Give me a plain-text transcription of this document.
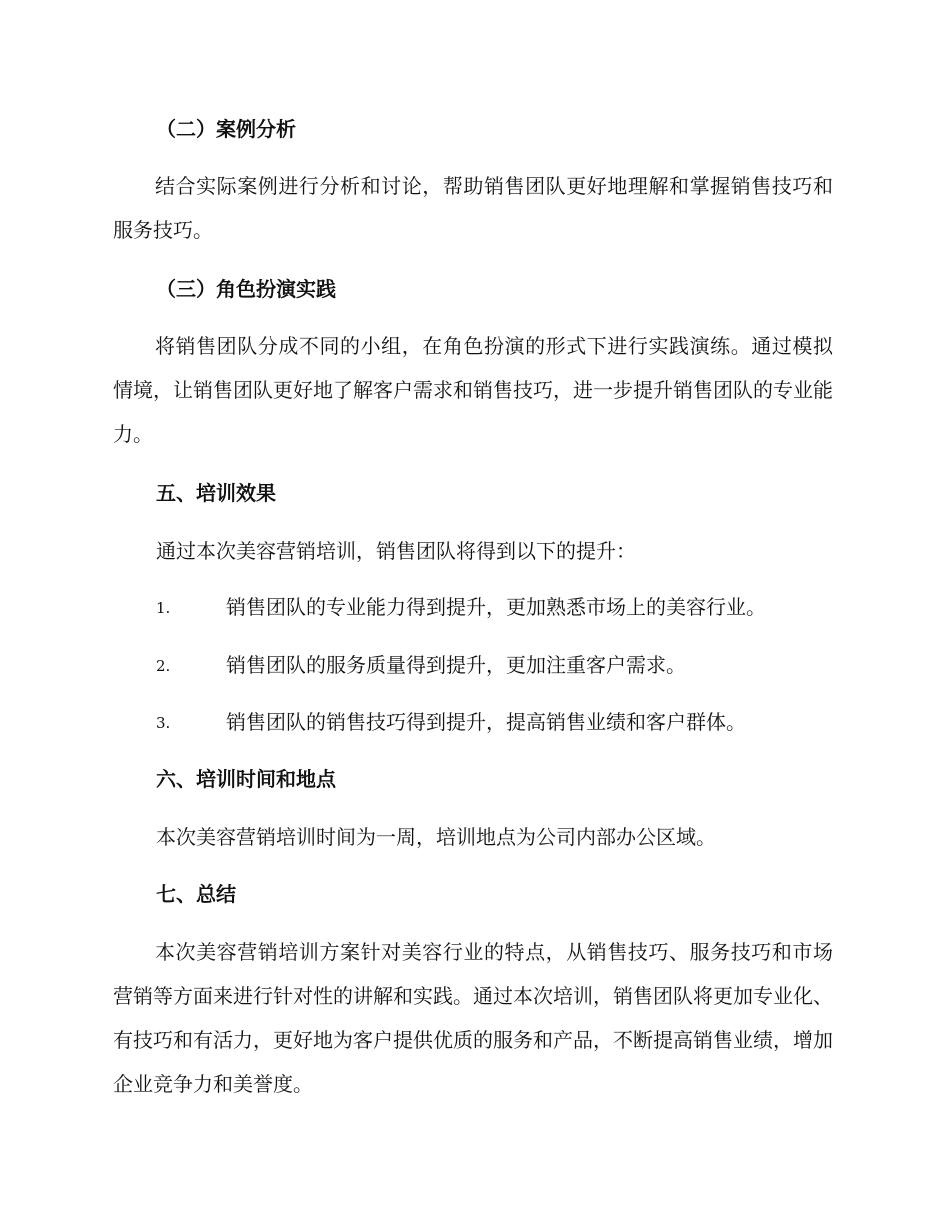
（二）案例分析
结合实际案例进行分析和讨论，帮助销售团队更好地理解和掌握销售技巧和服务技巧。
（三）角色扮演实践
将销售团队分成不同的小组，在角色扮演的形式下进行实践演练。通过模拟情境，让销售团队更好地了解客户需求和销售技巧，进一步提升销售团队的专业能力。
五、培训效果
通过本次美容营销培训，销售团队将得到以下的提升：
1.	销售团队的专业能力得到提升，更加熟悉市场上的美容行业。
2.	销售团队的服务质量得到提升，更加注重客户需求。
3.	销售团队的销售技巧得到提升，提高销售业绩和客户群体。
六、培训时间和地点
本次美容营销培训时间为一周，培训地点为公司内部办公区域。
七、总结
本次美容营销培训方案针对美容行业的特点，从销售技巧、服务技巧和市场营销等方面来进行针对性的讲解和实践。通过本次培训，销售团队将更加专业化、有技巧和有活力，更好地为客户提供优质的服务和产品，不断提高销售业绩，增加企业竞争力和美誉度。
